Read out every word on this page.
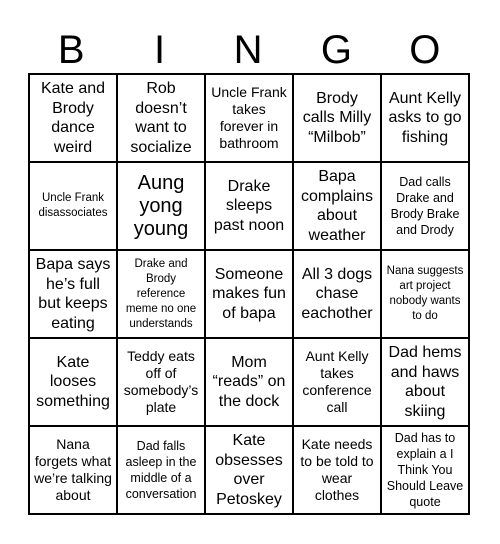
B	I	N	G	O
Kate and Brody dance weird
Rob doesn’t want to socialize
Uncle Frank takes forever in bathroom
Brody calls Milly “Milbob”
Aunt Kelly asks to go fishing
Uncle Frank disassociates
Aung yong young
Drake sleeps past noon
Bapa complains about weather
Dad calls Drake and Brody Brake and Drody
Bapa says he’s full but keeps eating
Drake and Brody reference meme no one understands
Someone makes fun of bapa
All 3 dogs chase eachother
Nana suggests art project nobody wants to do
Kate looses something
Teddy eats off of somebody’s plate
Mom “reads” on the dock
Aunt Kelly takes conference call
Dad hems and haws about skiing
Nana forgets what we’re talking about
Dad falls asleep in the middle of a conversation
Kate obsesses over Petoskey
Kate needs to be told to wear clothes
Dad has to explain a I Think You Should Leave quote
